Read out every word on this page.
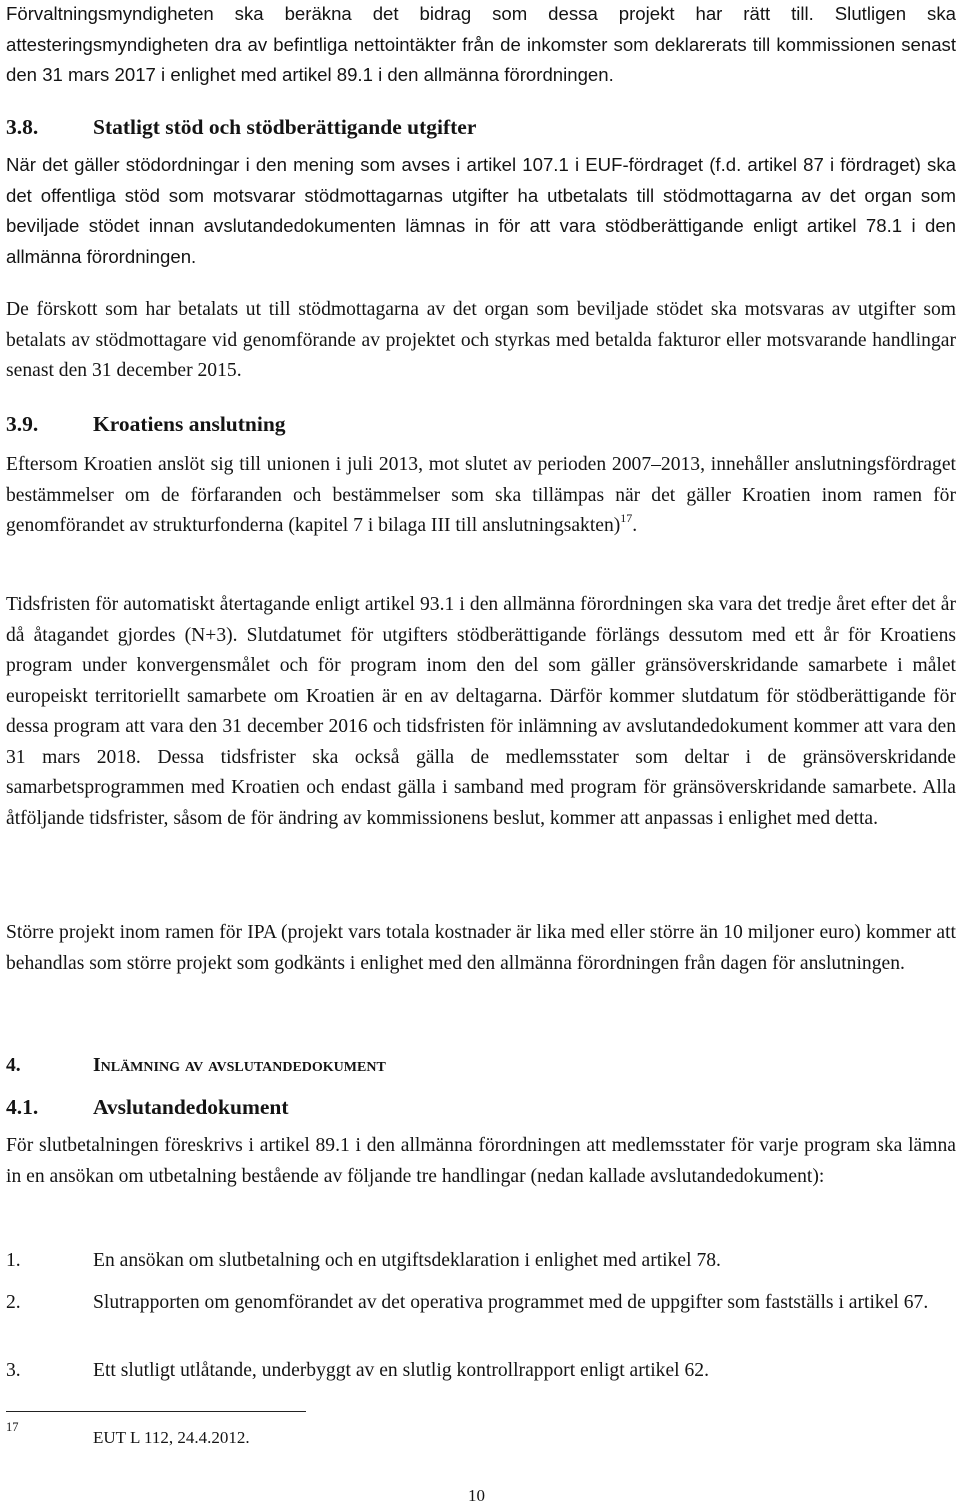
Förvaltningsmyndigheten ska beräkna det bidrag som dessa projekt har rätt till. Slutligen ska attesteringsmyndigheten dra av befintliga nettointäkter från de inkomster som deklarerats till kommissionen senast den 31 mars 2017 i enlighet med artikel 89.1 i den allmänna förordningen.

3.8.	Statligt stöd och stödberättigande utgifter

När det gäller stödordningar i den mening som avses i artikel 107.1 i EUF-fördraget (f.d. artikel 87 i fördraget) ska det offentliga stöd som motsvarar stödmottagarnas utgifter ha utbetalats till stödmottagarna av det organ som beviljade stödet innan avslutandedokumenten lämnas in för att vara stödberättigande enligt artikel 78.1 i den allmänna förordningen.

De förskott som har betalats ut till stödmottagarna av det organ som beviljade stödet ska motsvaras av utgifter som betalats av stödmottagare vid genomförande av projektet och styrkas med betalda fakturor eller motsvarande handlingar senast den 31 december 2015.

3.9.	Kroatiens anslutning

Eftersom Kroatien anslöt sig till unionen i juli 2013, mot slutet av perioden 2007–2013, innehåller anslutningsfördraget bestämmelser om de förfaranden och bestämmelser som ska tillämpas när det gäller Kroatien inom ramen för genomförandet av strukturfonderna (kapitel 7 i bilaga III till anslutningsakten)$^{17}$.

Tidsfristen för automatiskt återtagande enligt artikel 93.1 i den allmänna förordningen ska vara det tredje året efter det år då åtagandet gjordes (N+3). Slutdatumet för utgifters stödberättigande förlängs dessutom med ett år för Kroatiens program under konvergensmålet och för program inom den del som gäller gränsöverskridande samarbete i målet europeiskt territoriellt samarbete om Kroatien är en av deltagarna. Därför kommer slutdatum för stödberättigande för dessa program att vara den 31 december 2016 och tidsfristen för inlämning av avslutandedokument kommer att vara den 31 mars 2018. Dessa tidsfrister ska också gälla de medlemsstater som deltar i de gränsöverskridande samarbetsprogrammen med Kroatien och endast gälla i samband med program för gränsöverskridande samarbete. Alla åtföljande tidsfrister, såsom de för ändring av kommissionens beslut, kommer att anpassas i enlighet med detta.

Större projekt inom ramen för IPA (projekt vars totala kostnader är lika med eller större än 10 miljoner euro) kommer att behandlas som större projekt som godkänts i enlighet med den allmänna förordningen från dagen för anslutningen.

4.	Inlämning av avslutandedokument
4.1.	Avslutandedokument

För slutbetalningen föreskrivs i artikel 89.1 i den allmänna förordningen att medlemsstater för varje program ska lämna in en ansökan om utbetalning bestående av följande tre handlingar (nedan kallade avslutandedokument):

1.	En ansökan om slutbetalning och en utgiftsdeklaration i enlighet med artikel 78.
2.	Slutrapporten om genomförandet av det operativa programmet med de uppgifter som fastställs i artikel 67.
3.	Ett slutligt utlåtande, underbyggt av en slutlig kontrollrapport enligt artikel 62.
17
EUT L 112, 24.4.2012.
10
